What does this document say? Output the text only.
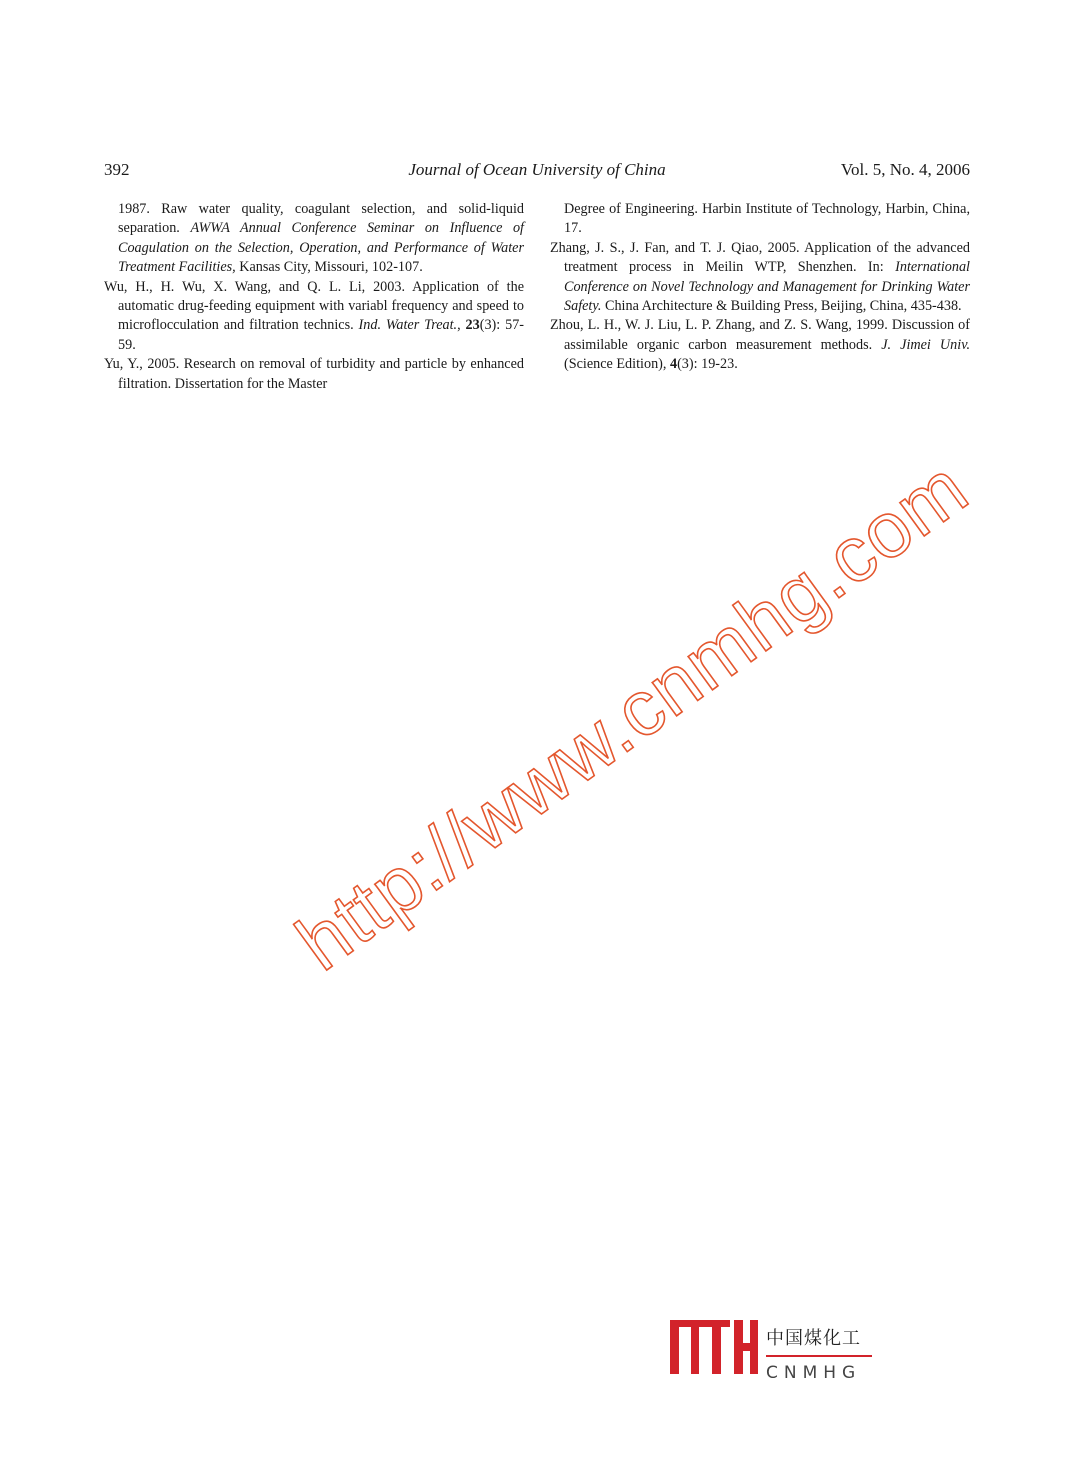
392	Journal of Ocean University of China	Vol. 5, No. 4, 2006

1987. Raw water quality, coagulant selection, and solid-liquid separation. AWWA Annual Conference Seminar on Influence of Coagulation on the Selection, Operation, and Performance of Water Treatment Facilities, Kansas City, Missouri, 102-107.

Wu, H., H. Wu, X. Wang, and Q. L. Li, 2003. Application of the automatic drug-feeding equipment with variabl frequency and speed to microflocculation and filtration technics. Ind. Water Treat., 23(3): 57-59.

Yu, Y., 2005. Research on removal of turbidity and particle by enhanced filtration. Dissertation for the Master

Degree of Engineering. Harbin Institute of Technology, Harbin, China, 17.

Zhang, J. S., J. Fan, and T. J. Qiao, 2005. Application of the advanced treatment process in Meilin WTP, Shenzhen. In: International Conference on Novel Technology and Management for Drinking Water Safety. China Architecture & Building Press, Beijing, China, 435-438.

Zhou, L. H., W. J. Liu, L. P. Zhang, and Z. S. Wang, 1999. Discussion of assimilable organic carbon measurement methods. J. Jimei Univ. (Science Edition), 4(3): 19-23.

http://www.cnmhg.com
中国煤化工
CNMHG
